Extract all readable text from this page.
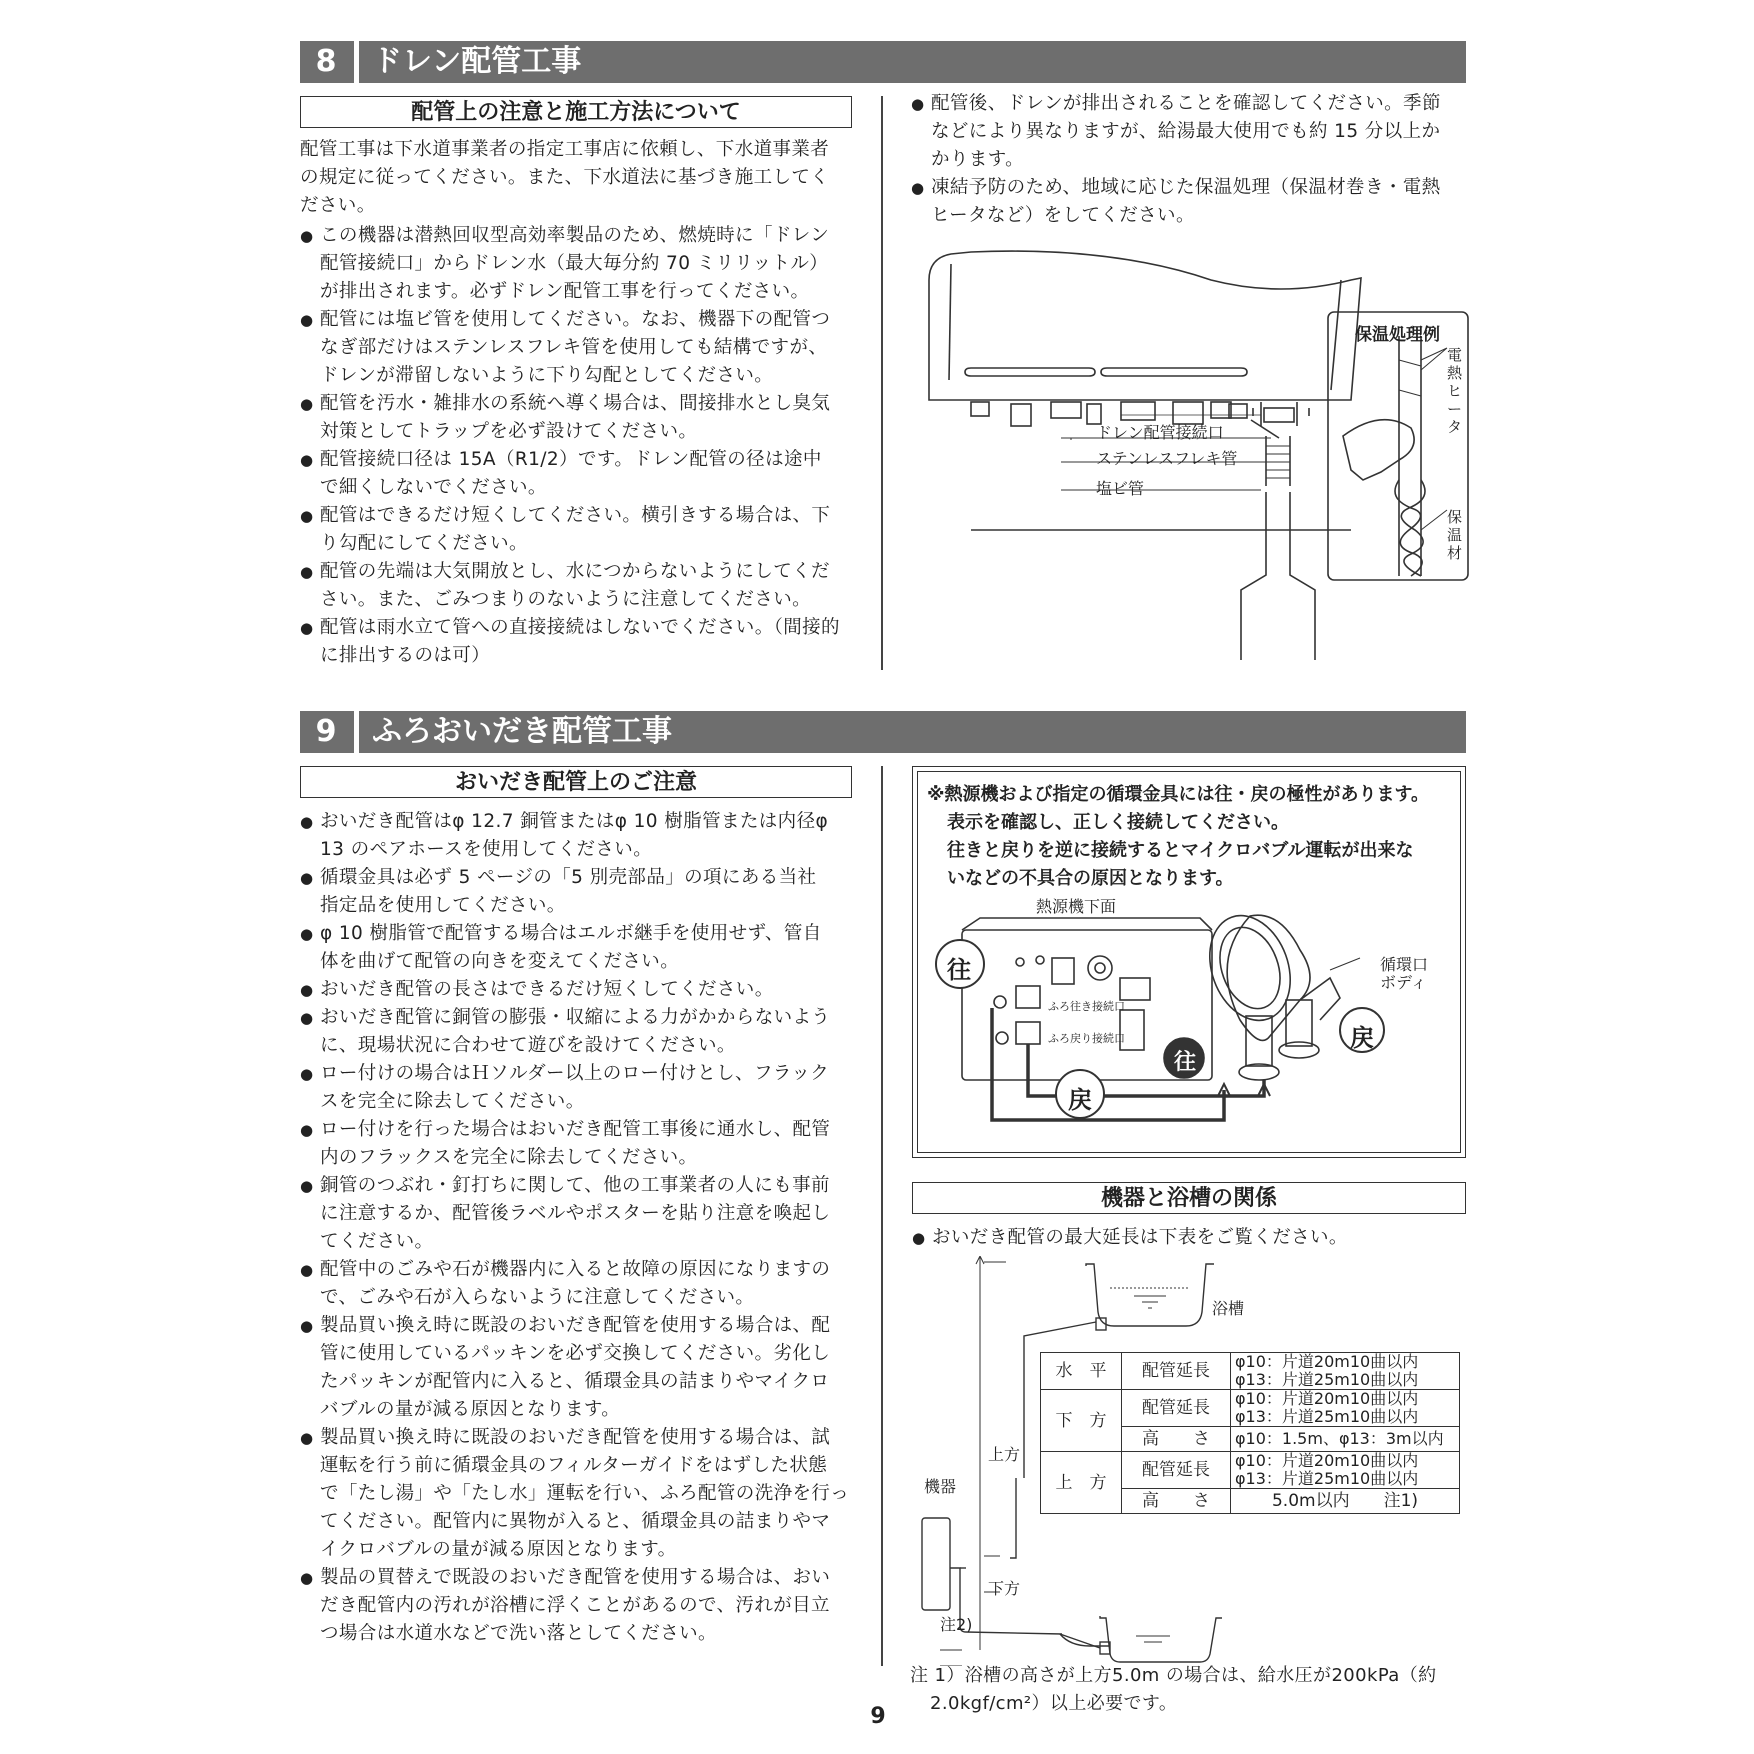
8	ドレン配管工事
配管上の注意と施工方法について
配管工事は下水道事業者の指定工事店に依頼し、下水道事業者
の規定に従ってください。また、下水道法に基づき施工してく
ださい。
● この機器は潜熱回収型高効率製品のため、燃焼時に「ドレン
配管接続口」からドレン水（最大毎分約 70 ミリリットル）
が排出されます。必ずドレン配管工事を行ってください。
● 配管には塩ビ管を使用してください。なお、機器下の配管つ
なぎ部だけはステンレスフレキ管を使用しても結構ですが、
ドレンが滞留しないように下り勾配としてください。
● 配管を汚水・雑排水の系統へ導く場合は、間接排水とし臭気
対策としてトラップを必ず設けてください。
● 配管接続口径は 15A（R1/2）です。ドレン配管の径は途中
で細くしないでください。
● 配管はできるだけ短くしてください。横引きする場合は、下
り勾配にしてください。
● 配管の先端は大気開放とし、水につからないようにしてくだ
さい。また、ごみつまりのないように注意してください。
● 配管は雨水立て管への直接接続はしないでください。（間接的
に排出するのは可）
● 配管後、ドレンが排出されることを確認してください。季節
などにより異なりますが、給湯最大使用でも約 15 分以上か
かります。
● 凍結予防のため、地域に応じた保温処理（保温材巻き・電熱
ヒータなど）をしてください。
ドレン配管接続口
ステンレスフレキ管
塩ビ管
保温処理例
電熱ヒータ
保温材
9	ふろおいだき配管工事
おいだき配管上のご注意
● おいだき配管はφ 12.7 銅管またはφ 10 樹脂管または内径φ
13 のペアホースを使用してください。
● 循環金具は必ず 5 ページの「5 別売部品」の項にある当社
指定品を使用してください。
● φ 10 樹脂管で配管する場合はエルボ継手を使用せず、管自
体を曲げて配管の向きを変えてください。
● おいだき配管の長さはできるだけ短くしてください。
● おいだき配管に銅管の膨張・収縮による力がかからないよう
に、現場状況に合わせて遊びを設けてください。
● ロー付けの場合はＨソルダー以上のロー付けとし、フラック
スを完全に除去してください。
● ロー付けを行った場合はおいだき配管工事後に通水し、配管
内のフラックスを完全に除去してください。
● 銅管のつぶれ・釘打ちに関して、他の工事業者の人にも事前
に注意するか、配管後ラベルやポスターを貼り注意を喚起し
てください。
● 配管中のごみや石が機器内に入ると故障の原因になりますの
で、ごみや石が入らないように注意してください。
● 製品買い換え時に既設のおいだき配管を使用する場合は、配
管に使用しているパッキンを必ず交換してください。劣化し
たパッキンが配管内に入ると、循環金具の詰まりやマイクロ
バブルの量が減る原因となります。
● 製品買い換え時に既設のおいだき配管を使用する場合は、試
運転を行う前に循環金具のフィルターガイドをはずした状態
で「たし湯」や「たし水」運転を行い、ふろ配管の洗浄を行っ
てください。配管内に異物が入ると、循環金具の詰まりやマ
イクロバブルの量が減る原因となります。
● 製品の買替えで既設のおいだき配管を使用する場合は、おい
だき配管内の汚れが浴槽に浮くことがあるので、汚れが目立
つ場合は水道水などで洗い落としてください。
※熱源機および指定の循環金具には往・戻の極性があります。
表示を確認し、正しく接続してください。
往きと戻りを逆に接続するとマイクロバブル運転が出来な
いなどの不具合の原因となります。
熱源機下面
ふろ往き接続口
ふろ戻り接続口
循環口ボディ
往
戻
往
戻
機器と浴槽の関係
● おいだき配管の最大延長は下表をご覧ください。
浴槽
機器
上方
下方
注2)
水　平	配管延長	φ10：片道20m10曲以内
φ13：片道25m10曲以内

下　方	配管延長	φ10：片道20m10曲以内
φ13：片道25m10曲以内

	高　　さ	φ10：1.5m、φ13：3m以内
上　方	配管延長	φ10：片道20m10曲以内
φ13：片道25m10曲以内

	高　　さ	5.0m以内　　注1)
注 1）浴槽の高さが上方5.0m の場合は、給水圧が200kPa（約
2.0kgf/cm²）以上必要です。
9
